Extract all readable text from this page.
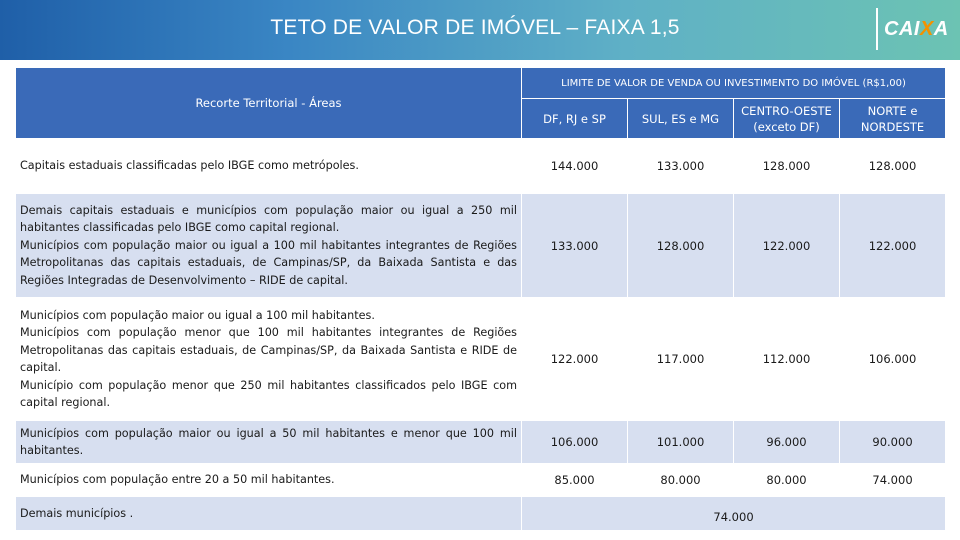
TETO DE VALOR DE IMÓVEL – FAIXA 1,5	CAIXA
Recorte Territorial - Áreas	LIMITE DE VALOR DE VENDA OU INVESTIMENTO DO IMÓVEL (R$1,00)			
	DF, RJ e SP	SUL, ES e MG	CENTRO-OESTE (exceto DF)	NORTE e NORDESTE

Capitais estaduais classificadas pelo IBGE como metrópoles.	144.000	133.000	128.000	128.000

Demais capitais estaduais e municípios com população maior ou igual a 250 mil habitantes classificadas pelo IBGE como capital regional.
Municípios com população maior ou igual a 100 mil habitantes integrantes de Regiões Metropolitanas das capitais estaduais, de Campinas/SP, da Baixada Santista e das Regiões Integradas de Desenvolvimento – RIDE de capital.	133.000	128.000	122.000	122.000

Municípios com população maior ou igual a 100 mil habitantes.
Municípios com população menor que 100 mil habitantes integrantes de Regiões Metropolitanas das capitais estaduais, de Campinas/SP, da Baixada Santista e RIDE de capital.
Município com população menor que 250 mil habitantes classificados pelo IBGE com capital regional.	122.000	117.000	112.000	106.000

Municípios com população maior ou igual a 50 mil habitantes e menor que 100 mil habitantes.	106.000	101.000	96.000	90.000

Municípios com população entre 20 a 50 mil habitantes.	85.000	80.000	80.000	74.000
Demais municípios .	74.000			
